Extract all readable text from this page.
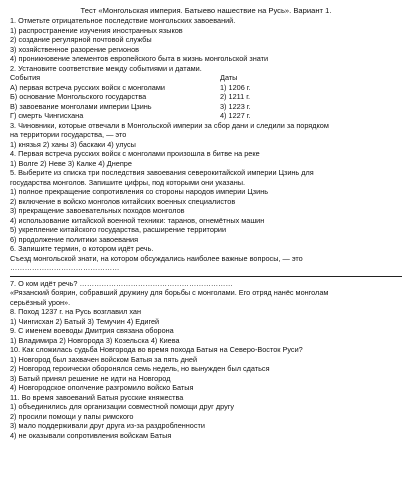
Тест «Монгольская империя. Батыево нашествие на Русь». Вариант 1.
1. Отметьте отрицательное последствие монгольских завоеваний.
1) распространение изучения иностранных языков
2) создание регулярной почтовой службы
3) хозяйственное разорение регионов
4) проникновение элементов европейского быта в жизнь монгольской знати
2. Установите соответствие между событиями и датами.
События	Даты
А) первая встреча русских войск с монголами	1) 1206 г.
Б) основание Монгольского государства	2) 1211 г.
В) завоевание монголами империи Цзинь	3) 1223 г.
Г) смерть Чингисхана	4) 1227 г.
3. Чиновники, которые отвечали в Монгольской империи за сбор дани и следили за порядком
на территории государства, — это
1) князья 2) ханы 3) баскаки 4) улусы
4. Первая встреча русских войск с монголами произошла в битве на реке
1) Волге 2) Неве 3) Калке 4) Днепре
5. Выберите из списка три последствия завоевания северокитайской империи Цзинь для
государства монголов. Запишите цифры, под которыми они указаны.
1) полное прекращение сопротивления со стороны народов империи Цзинь
2) включение в войско монголов китайских военных специалистов
3) прекращение завоевательных походов монголов
4) использование китайской военной техники: таранов, огнемётных машин
5) укрепление китайского государства, расширение территории
6) продолжение политики завоевания
6. Запишите термин, о котором идёт речь.
Съезд монгольской знати, на котором обсуждались наиболее важные вопросы, — это
………………………………………
7. О ком идёт речь? ………………………………………………………
«Рязанский боярин, собравший дружину для борьбы с монголами. Его отряд нанёс монголам
серьёзный урон».
8. Поход 1237 г. на Русь возглавил хан
1) Чингисхан 2) Батый 3) Темучин 4) Едигей
9. С именем воеводы Дмитрия связана оборона
1) Владимира 2) Новгорода 3) Козельска 4) Киева
10. Как сложилась судьба Новгорода во время похода Батыя на Северо-Восток Руси?
1) Новгород был захвачен войском Батыя за пять дней
2) Новгород героически оборонялся семь недель, но вынужден был сдаться
3) Батый принял решение не идти на Новгород
4) Новгородское ополчение разгромило войско Батыя
11. Во время завоеваний Батыя русские княжества
1) объединились для организации совместной помощи друг другу
2) просили помощи у папы римского
3) мало поддерживали друг друга из-за раздробленности
4) не оказывали сопротивления войскам Батыя
